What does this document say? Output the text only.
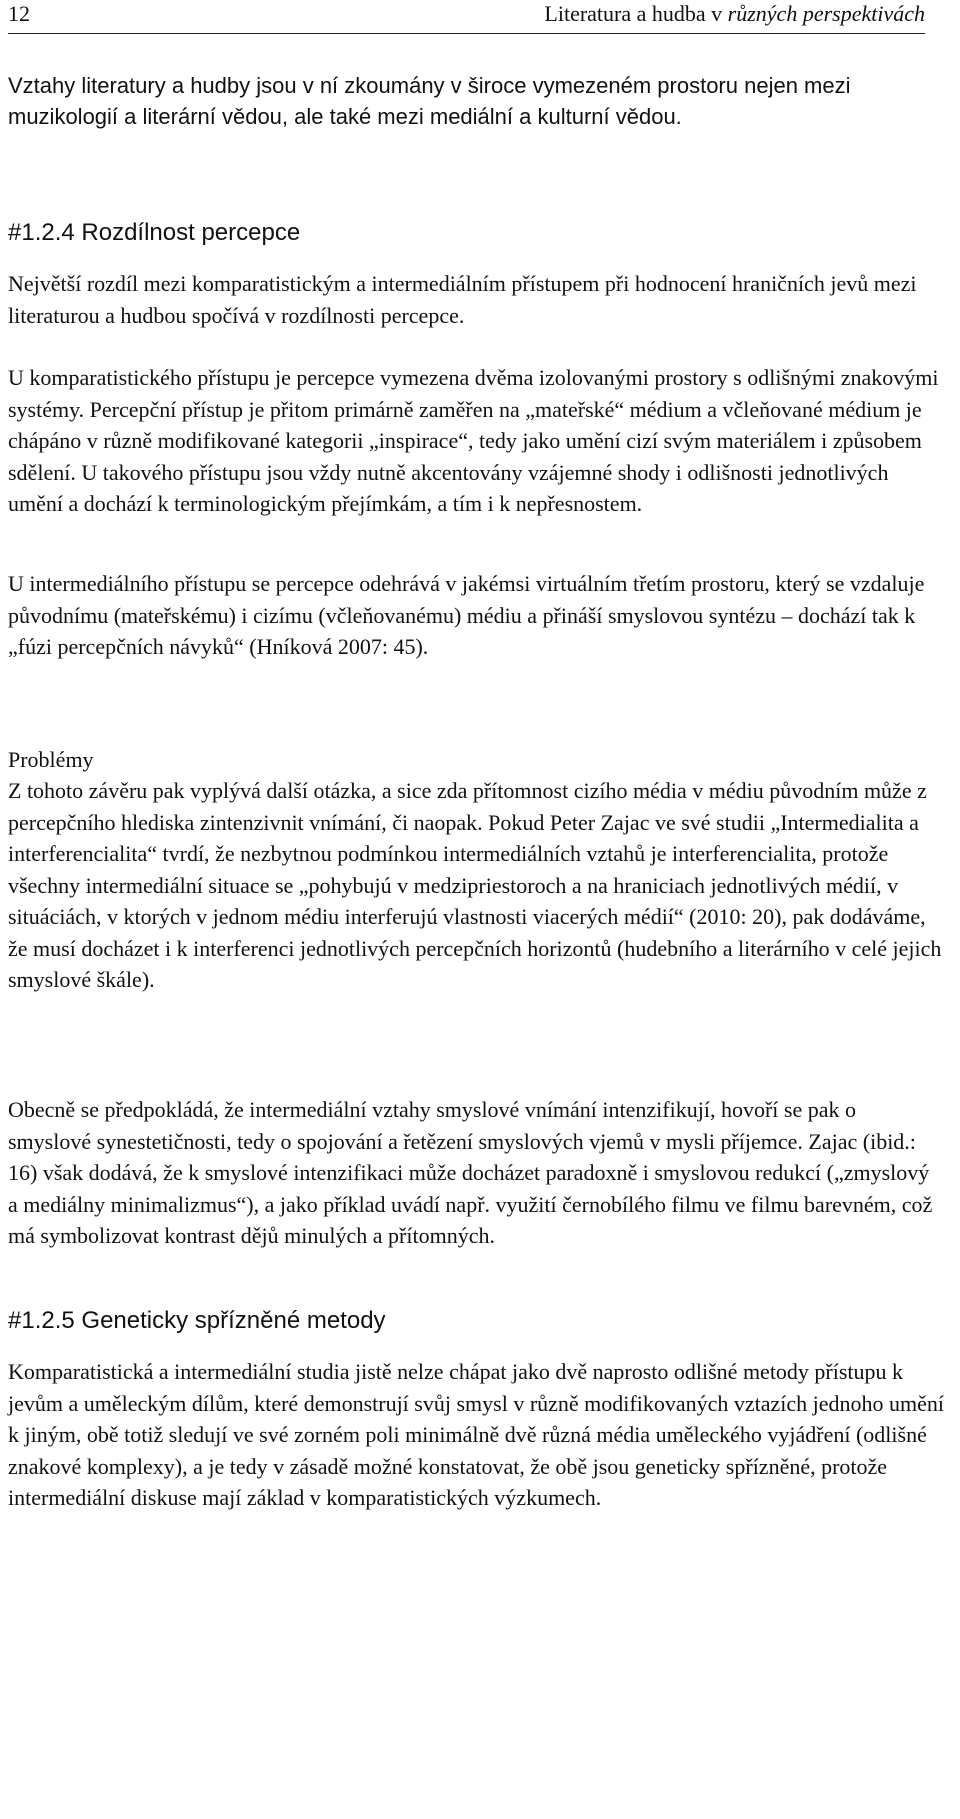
12	Literatura a hudba v různých perspektivách

Vztahy literatury a hudby jsou v ní zkoumány v široce vymezeném prostoru nejen mezi muzikologií a literární vědou, ale také mezi mediální a kulturní vědou.

#1.2.4 Rozdílnost percepce

Největší rozdíl mezi komparatistickým a intermediálním přístupem při hodnocení hraničních jevů mezi literaturou a hudbou spočívá v rozdílnosti percepce.

U komparatistického přístupu je percepce vymezena dvěma izolovanými prostory s odlišnými znakovými systémy. Percepční přístup je přitom primárně zaměřen na „mateřské“ médium a včleňované médium je chápáno v různě modifikované kategorii „inspirace“, tedy jako umění cizí svým materiálem i způsobem sdělení. U takového přístupu jsou vždy nutně akcentovány vzájemné shody i odlišnosti jednotlivých umění a dochází k terminologickým přejímkám, a tím i k nepřesnostem.

U intermediálního přístupu se percepce odehrává v jakémsi virtuálním třetím prostoru, který se vzdaluje původnímu (mateřskému) i cizímu (včleňovanému) médiu a přináší smyslovou syntézu – dochází tak k „fúzi percepčních návyků“ (Hníková 2007: 45).

Problémy

Z tohoto závěru pak vyplývá další otázka, a sice zda přítomnost cizího média v médiu původním může z percepčního hlediska zintenzivnit vnímání, či naopak. Pokud Peter Zajac ve své studii „Intermedialita a interferencialita“ tvrdí, že nezbytnou podmínkou intermediálních vztahů je interferencialita, protože všechny intermediální situace se „pohybujú v medzipriestoroch a na hraniciach jednotlivých médií, v situáciách, v ktorých v jednom médiu interferujú vlastnosti viacerých médií“ (2010: 20), pak dodáváme, že musí docházet i k interferenci jednotlivých percepčních horizontů (hudebního a literárního v celé jejich smyslové škále).

Obecně se předpokládá, že intermediální vztahy smyslové vnímání intenzifikují, hovoří se pak o smyslové synestetičnosti, tedy o spojování a řetězení smyslových vjemů v mysli příjemce. Zajac (ibid.: 16) však dodává, že k smyslové intenzifikaci může docházet paradoxně i smyslovou redukcí („zmyslový a mediálny minimalizmus“), a jako příklad uvádí např. využití černobílého filmu ve filmu barevném, což má symbolizovat kontrast dějů minulých a přítomných.

#1.2.5 Geneticky spřízněné metody

Komparatistická a intermediální studia jistě nelze chápat jako dvě naprosto odlišné metody přístupu k jevům a uměleckým dílům, které demonstrují svůj smysl v různě modifikovaných vztazích jednoho umění k jiným, obě totiž sledují ve své zorném poli minimálně dvě různá média uměleckého vyjádření (odlišné znakové komplexy), a je tedy v zásadě možné konstatovat, že obě jsou geneticky spřízněné, protože intermediální diskuse mají základ v komparatistických výzkumech.
